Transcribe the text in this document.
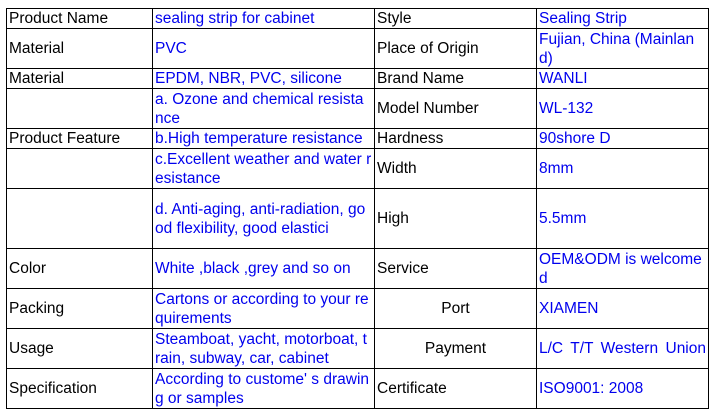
Product Name	sealing strip for cabinet	Style	Sealing Strip
Material	PVC	Place of Origin	Fujian, China (Mainland)
Material	EPDM, NBR, PVC, silicone	Brand Name	WANLI
	a. Ozone and chemical resistance	Model Number	WL-132
Product Feature	b.High temperature resistance	Hardness	90shore D
	c.Excellent weather and water resistance	Width	8mm
	d. Anti-aging, anti-radiation, good flexibility, good elastici	High	5.5mm
Color	White ,black ,grey and so on	Service	OEM&ODM is welcomed
Packing	Cartons or according to your requirements	Port	XIAMEN
Usage	Steamboat, yacht, motorboat, train, subway, car, cabinet	Payment	L/C T/T Western Union
Specification	According to custome' s drawing or samples	Certificate	ISO9001: 2008
